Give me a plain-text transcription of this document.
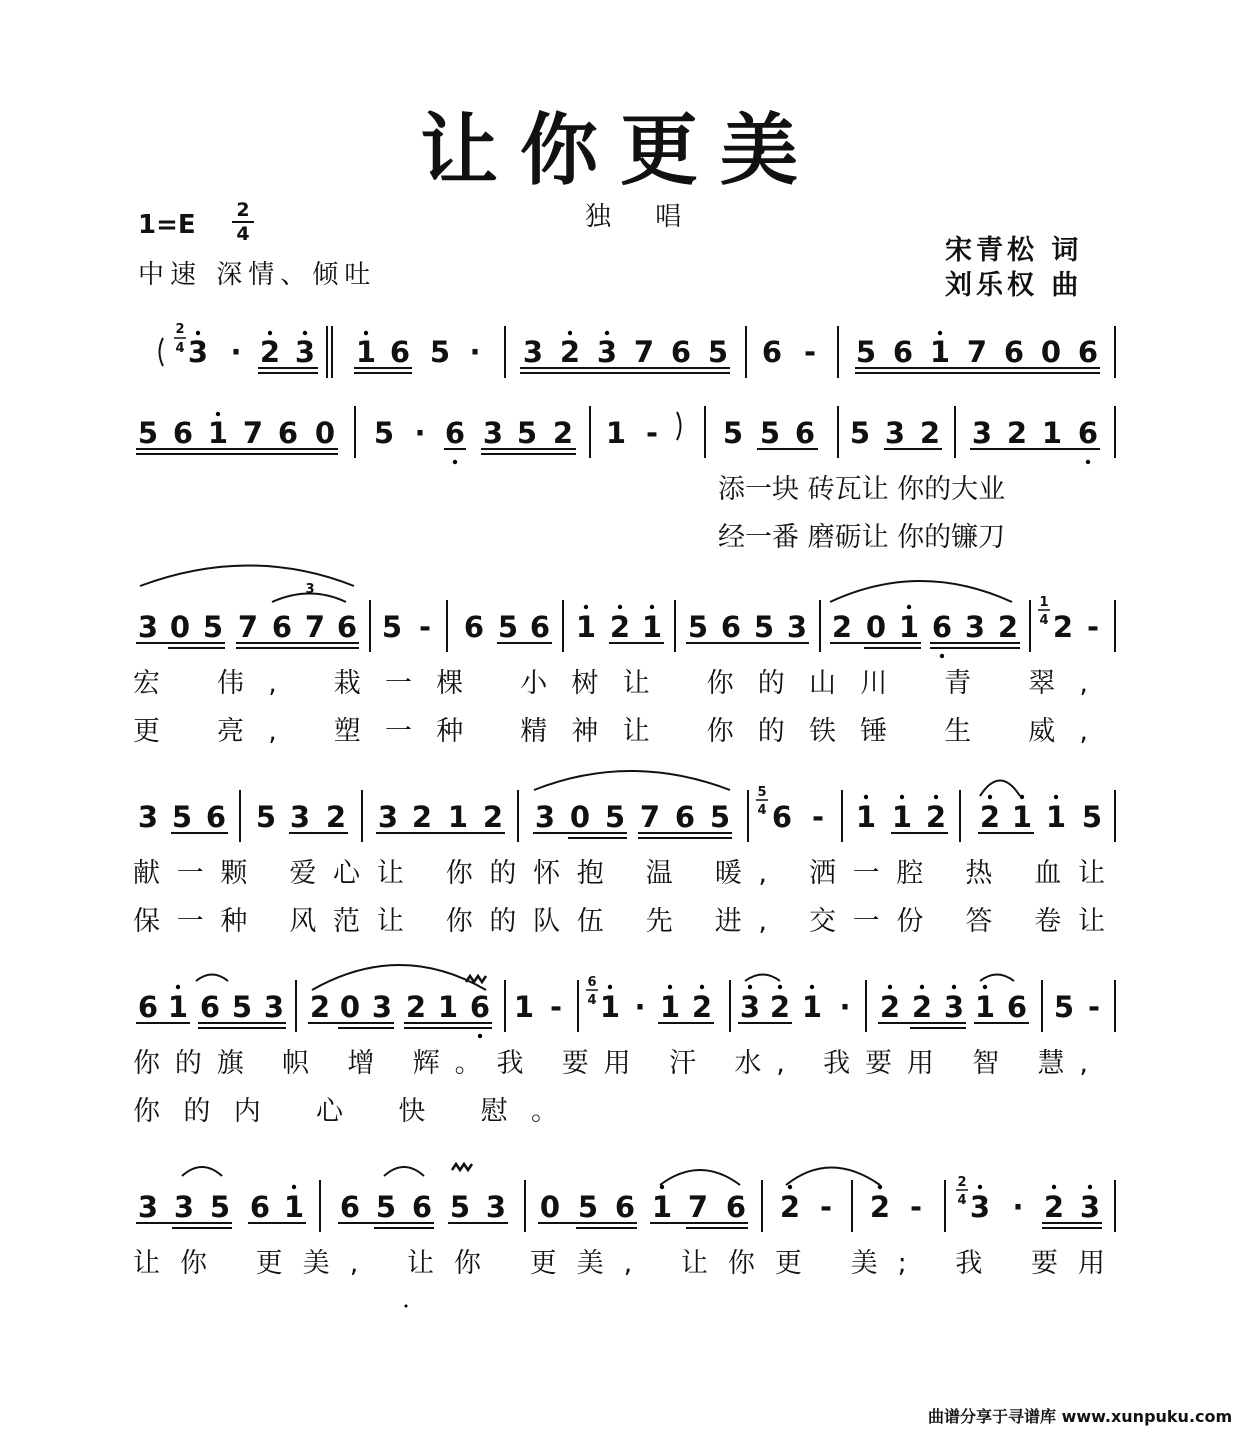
让你更美
独 唱
1=E 2
4
中速 深情、倾吐
宋青松 词
刘乐权 曲
曲谱分享于寻谱库 www.xunpuku.com
2
4 3 · 2 3 1 6 5 · 3 2 3 7 6 5 6 - 5 6 1 7 6 0 6
5 6 1 7 6 0 5 · 6 3 5 2 1 - 5 5 6 5 3 2 3 2 1 6
添一块 砖瓦让 你的大业
经一番 磨砺让 你的镰刀
3
3 0 5 7 6 7 6 5 - 6 5 6 1 2 1 5 6 5 3 2 0 1 6 3 2
1
4 2 -
宏 伟, 栽一棵 小树让 你的山川 青 翠,
更 亮, 塑一种 精神让 你的铁锤 生 威,
3 5 6 5 3 2 3 2 1 2 3 0 5 7 6 5
5
4 6 - 1 1 2 2 1 1 5
献一颗 爱心让 你的怀抱 温 暖, 洒一腔 热 血让
保一种 风范让 你的队伍 先 进, 交一份 答 卷让
6 1 6 5 3 2 0 3 2 1 6 1 -
6
4 1 · 1 2 3 2 1 · 2 2 3 1 6 5 -
你的旗 帜 增 辉。我 要用 汗 水, 我要用 智 慧,
你的内 心 快 慰。
3 3 5 6 1 6 5 6 5 3 0 5 6 1 7 6 2 - 2 -
2
4 3 · 2 3
让你 更美, 让你 更美, 让你更 美; 我 要用
